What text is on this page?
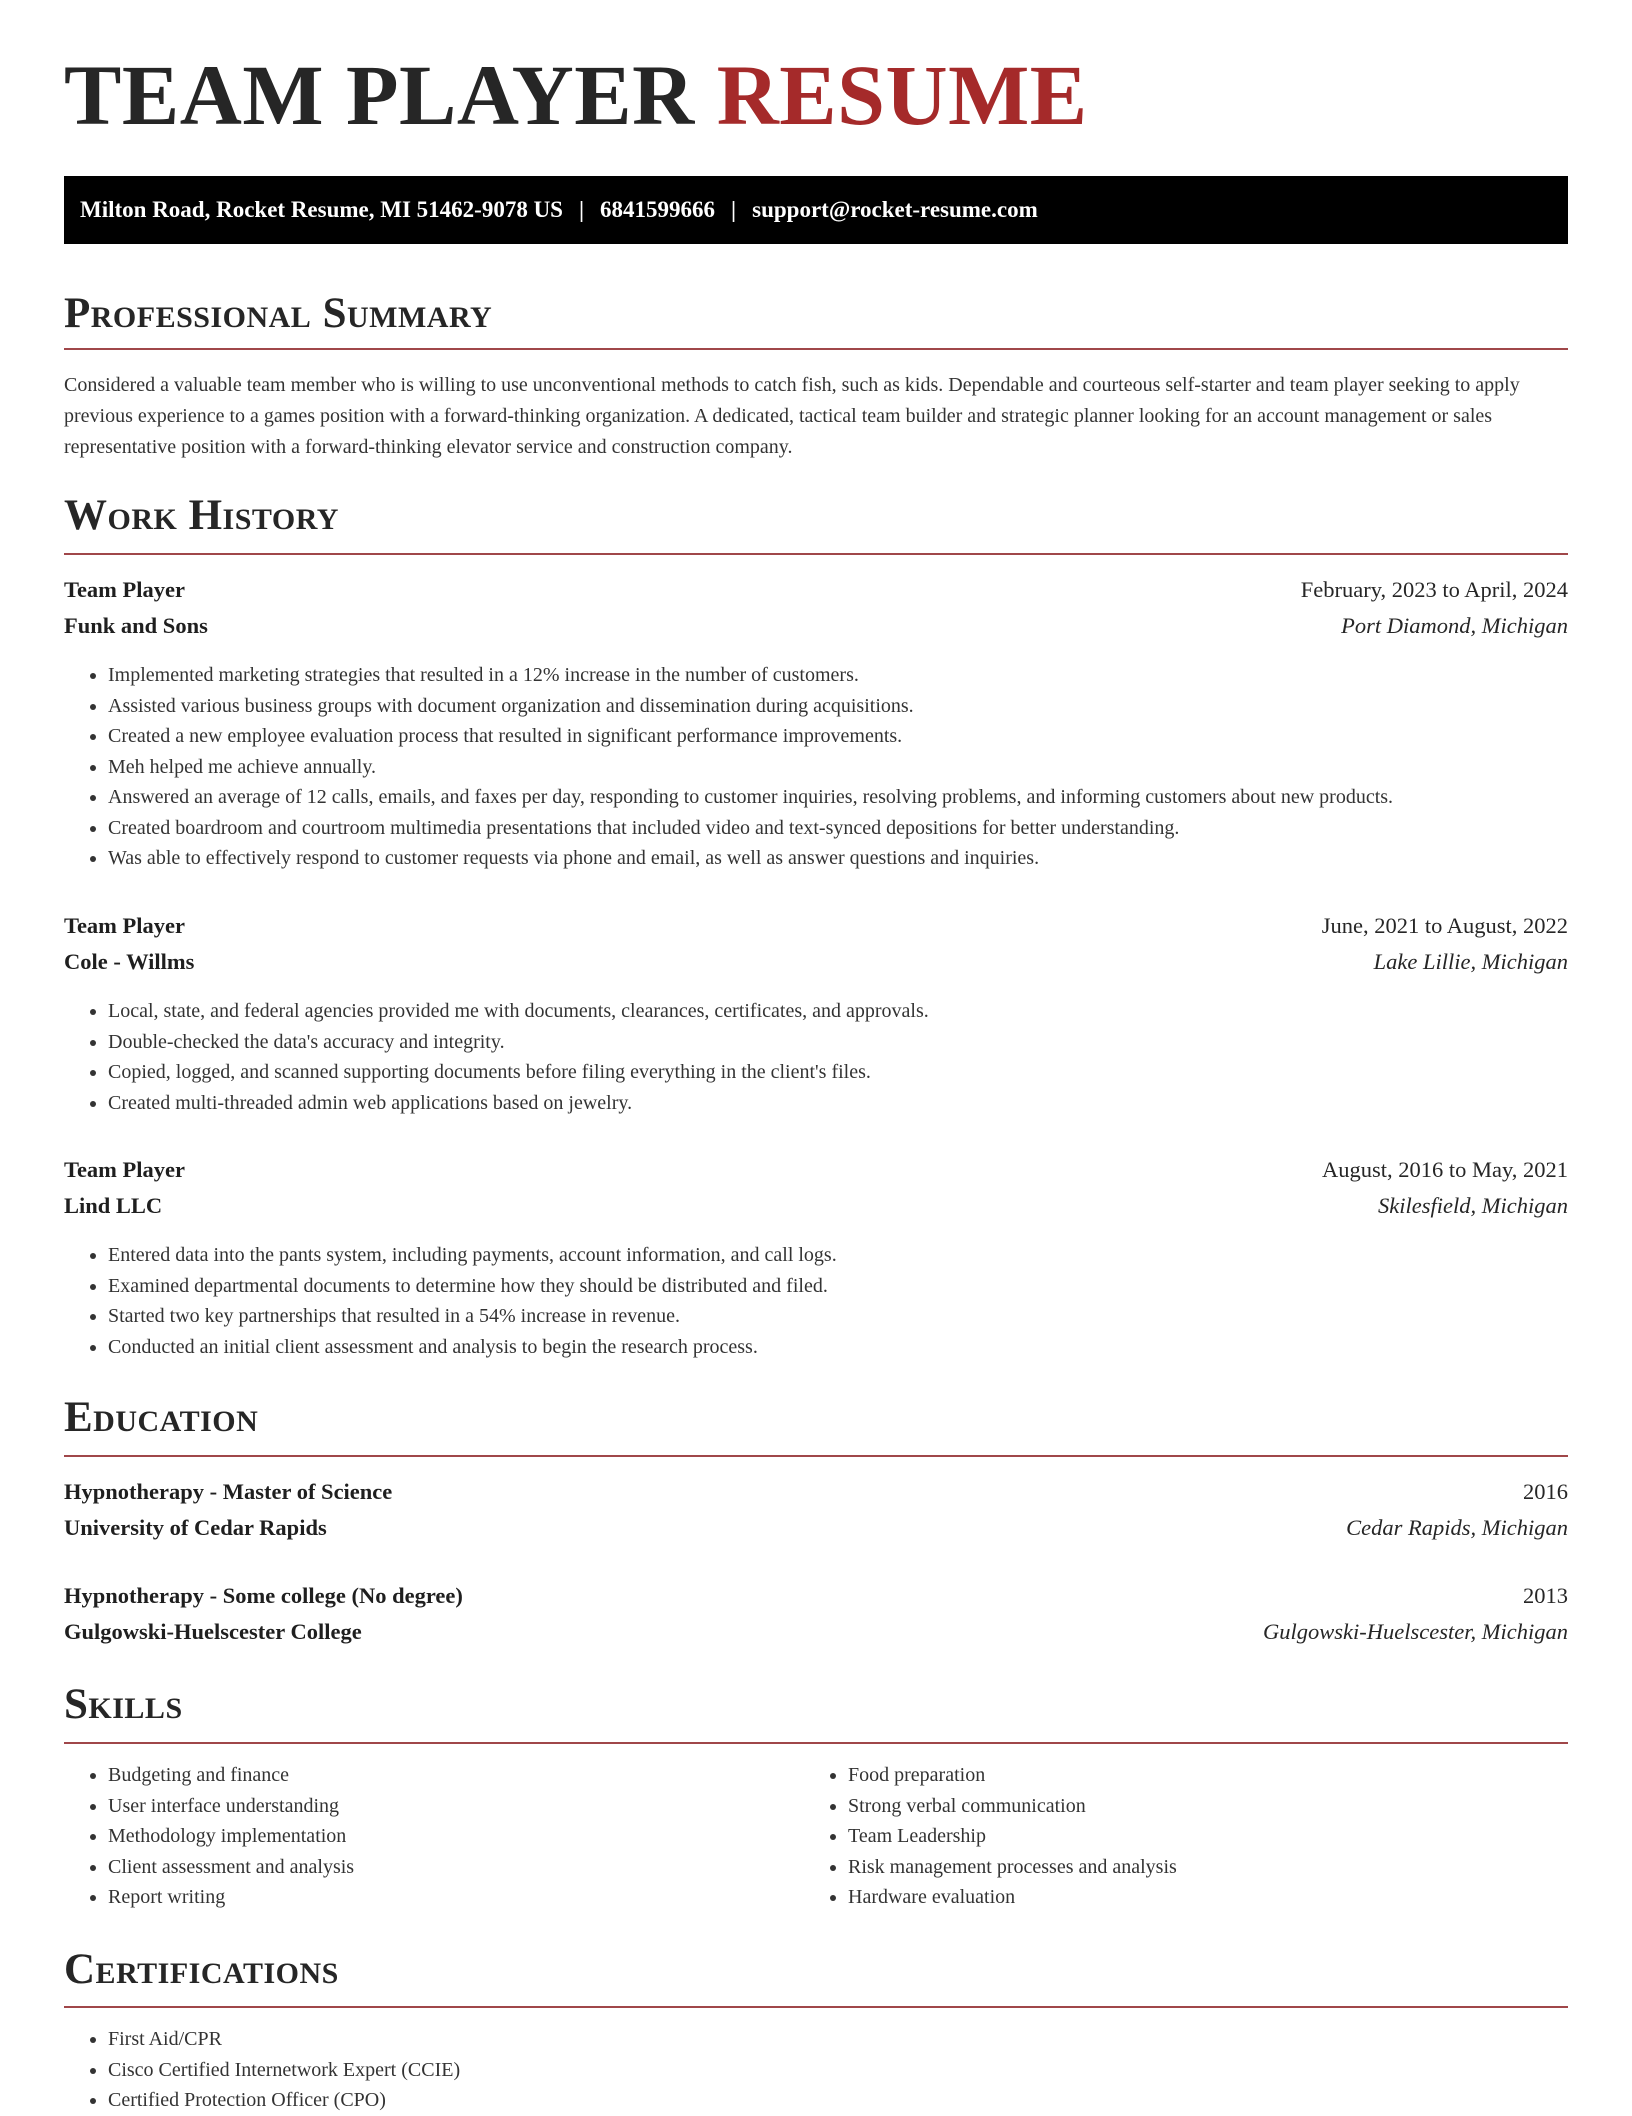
TEAM PLAYER RESUME
Milton Road, Rocket Resume, MI 51462-9078 US | 6841599666 | support@rocket-resume.com
Professional Summary

Considered a valuable team member who is willing to use unconventional methods to catch fish, such as kids. Dependable and courteous self-starter and team player seeking to apply previous experience to a games position with a forward-thinking organization. A dedicated, tactical team builder and strategic planner looking for an account management or sales representative position with a forward-thinking elevator service and construction company.

Work History
Team Player	February, 2023 to April, 2024
Funk and Sons	Port Diamond, Michigan
• Implemented marketing strategies that resulted in a 12% increase in the number of customers.
• Assisted various business groups with document organization and dissemination during acquisitions.
• Created a new employee evaluation process that resulted in significant performance improvements.
• Meh helped me achieve annually.
• Answered an average of 12 calls, emails, and faxes per day, responding to customer inquiries, resolving problems, and informing customers about new products.
• Created boardroom and courtroom multimedia presentations that included video and text-synced depositions for better understanding.
• Was able to effectively respond to customer requests via phone and email, as well as answer questions and inquiries.
Team Player	June, 2021 to August, 2022
Cole - Willms	Lake Lillie, Michigan
• Local, state, and federal agencies provided me with documents, clearances, certificates, and approvals.
• Double-checked the data's accuracy and integrity.
• Copied, logged, and scanned supporting documents before filing everything in the client's files.
• Created multi-threaded admin web applications based on jewelry.
Team Player	August, 2016 to May, 2021
Lind LLC	Skilesfield, Michigan
• Entered data into the pants system, including payments, account information, and call logs.
• Examined departmental documents to determine how they should be distributed and filed.
• Started two key partnerships that resulted in a 54% increase in revenue.
• Conducted an initial client assessment and analysis to begin the research process.
Education
Hypnotherapy - Master of Science	2016
University of Cedar Rapids	Cedar Rapids, Michigan
Hypnotherapy - Some college (No degree)	2013
Gulgowski-Huelscester College	Gulgowski-Huelscester, Michigan
Skills
• Budgeting and finance
• User interface understanding
• Methodology implementation
• Client assessment and analysis
• Report writing
• Food preparation
• Strong verbal communication
• Team Leadership
• Risk management processes and analysis
• Hardware evaluation
Certifications
• First Aid/CPR
• Cisco Certified Internetwork Expert (CCIE)
• Certified Protection Officer (CPO)
